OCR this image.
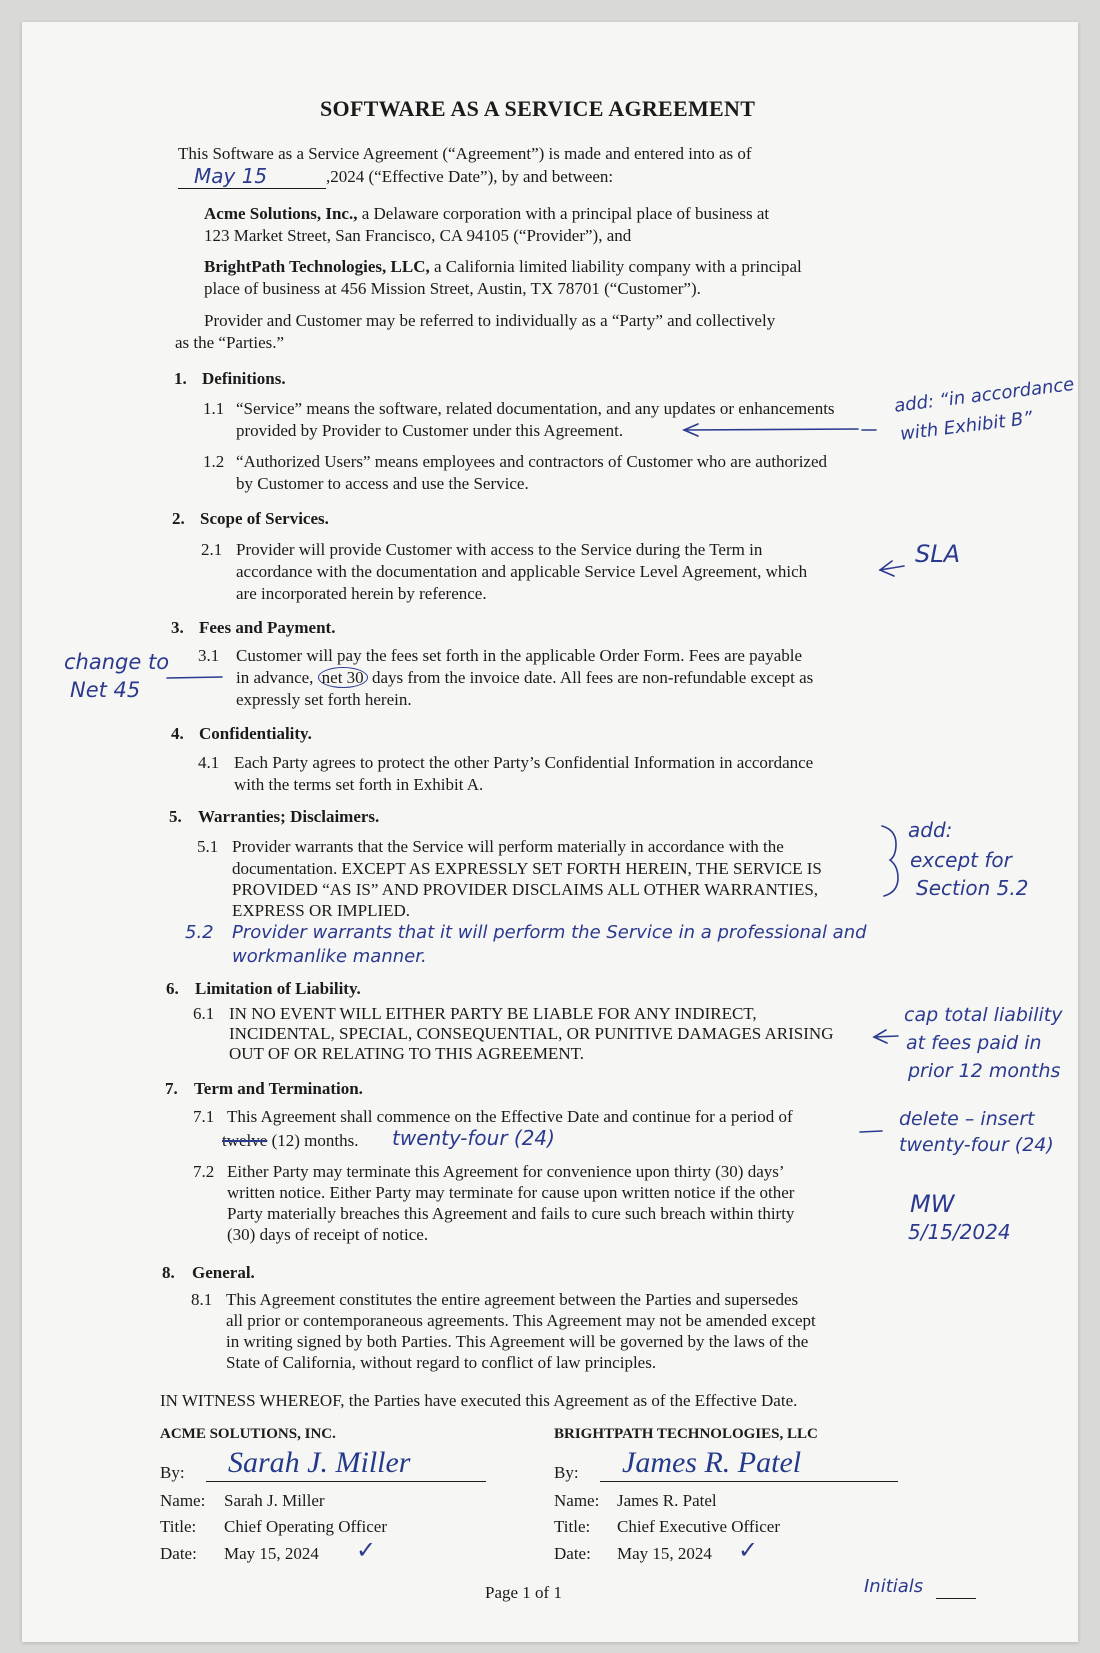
SOFTWARE AS A SERVICE AGREEMENT
This Software as a Service Agreement (“Agreement”) is made and entered into as of
May 15	,2024 (“Effective Date”), by and between:
Acme Solutions, Inc., a Delaware corporation with a principal place of business at
123 Market Street, San Francisco, CA 94105 (“Provider”), and
BrightPath Technologies, LLC, a California limited liability company with a principal
place of business at 456 Mission Street, Austin, TX 78701 (“Customer”).
Provider and Customer may be referred to individually as a “Party” and collectively
as the “Parties.”
1. Definitions.
1.1 “Service” means the software, related documentation, and any updates or enhancements
provided by Provider to Customer under this Agreement.
1.2 “Authorized Users” means employees and contractors of Customer who are authorized
by Customer to access and use the Service.
2. Scope of Services.
2.1 Provider will provide Customer with access to the Service during the Term in
accordance with the documentation and applicable Service Level Agreement, which
are incorporated herein by reference.
3. Fees and Payment.
3.1 Customer will pay the fees set forth in the applicable Order Form. Fees are payable
in advance, net 30 days from the invoice date. All fees are non-refundable except as
expressly set forth herein.
4. Confidentiality.
4.1 Each Party agrees to protect the other Party’s Confidential Information in accordance
with the terms set forth in Exhibit A.
5. Warranties; Disclaimers.
5.1 Provider warrants that the Service will perform materially in accordance with the
documentation. EXCEPT AS EXPRESSLY SET FORTH HEREIN, THE SERVICE IS
PROVIDED “AS IS” AND PROVIDER DISCLAIMS ALL OTHER WARRANTIES,
EXPRESS OR IMPLIED.
5.2 Provider warrants that it will perform the Service in a professional and
workmanlike manner.
6. Limitation of Liability.
6.1 IN NO EVENT WILL EITHER PARTY BE LIABLE FOR ANY INDIRECT,
INCIDENTAL, SPECIAL, CONSEQUENTIAL, OR PUNITIVE DAMAGES ARISING
OUT OF OR RELATING TO THIS AGREEMENT.
7. Term and Termination.
7.1 This Agreement shall commence on the Effective Date and continue for a period of
twelve (12) months. twenty-four (24)
7.2 Either Party may terminate this Agreement for convenience upon thirty (30) days’
written notice. Either Party may terminate for cause upon written notice if the other
Party materially breaches this Agreement and fails to cure such breach within thirty
(30) days of receipt of notice.
8. General.
8.1 This Agreement constitutes the entire agreement between the Parties and supersedes
all prior or contemporaneous agreements. This Agreement may not be amended except
in writing signed by both Parties. This Agreement will be governed by the laws of the
State of California, without regard to conflict of law principles.
IN WITNESS WHEREOF, the Parties have executed this Agreement as of the Effective Date.
ACME SOLUTIONS, INC.
By: Sarah J. Miller
Name: Sarah J. Miller
Title: Chief Operating Officer
Date: May 15, 2024 ✓
BRIGHTPATH TECHNOLOGIES, LLC
By: James R. Patel
Name: James R. Patel
Title: Chief Executive Officer
Date: May 15, 2024 ✓
Page 1 of 1	Initials
add: “in accordance
with Exhibit B”
SLA
change to
Net 45
add:
except for
Section 5.2
cap total liability
at fees paid in
prior 12 months
delete – insert
twenty-four (24)
MW
5/15/2024
